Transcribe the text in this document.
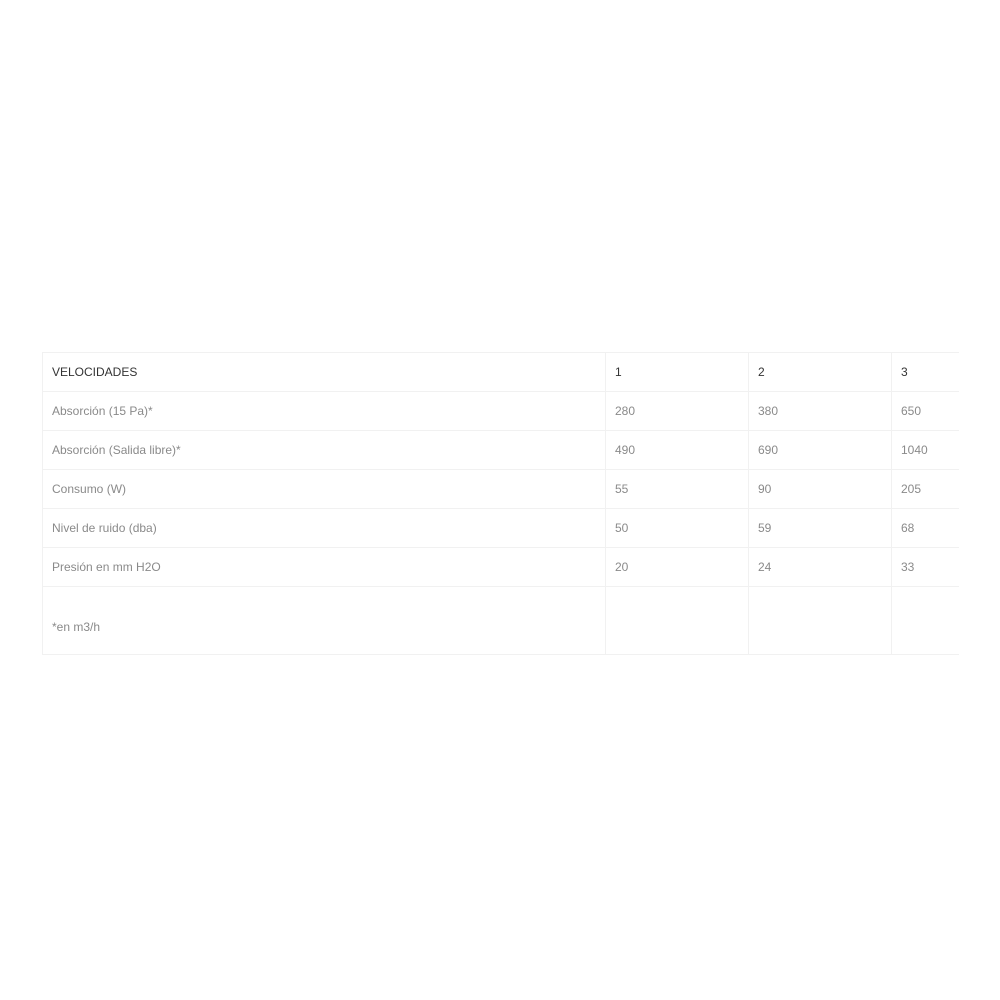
VELOCIDADES	1	2	3
Absorción (15 Pa)*	280	380	650
Absorción (Salida libre)*	490	690	1040
Consumo (W)	55	90	205
Nivel de ruido (dba)	50	59	68
Presión en mm H2O	20	24	33
*en m3/h			
